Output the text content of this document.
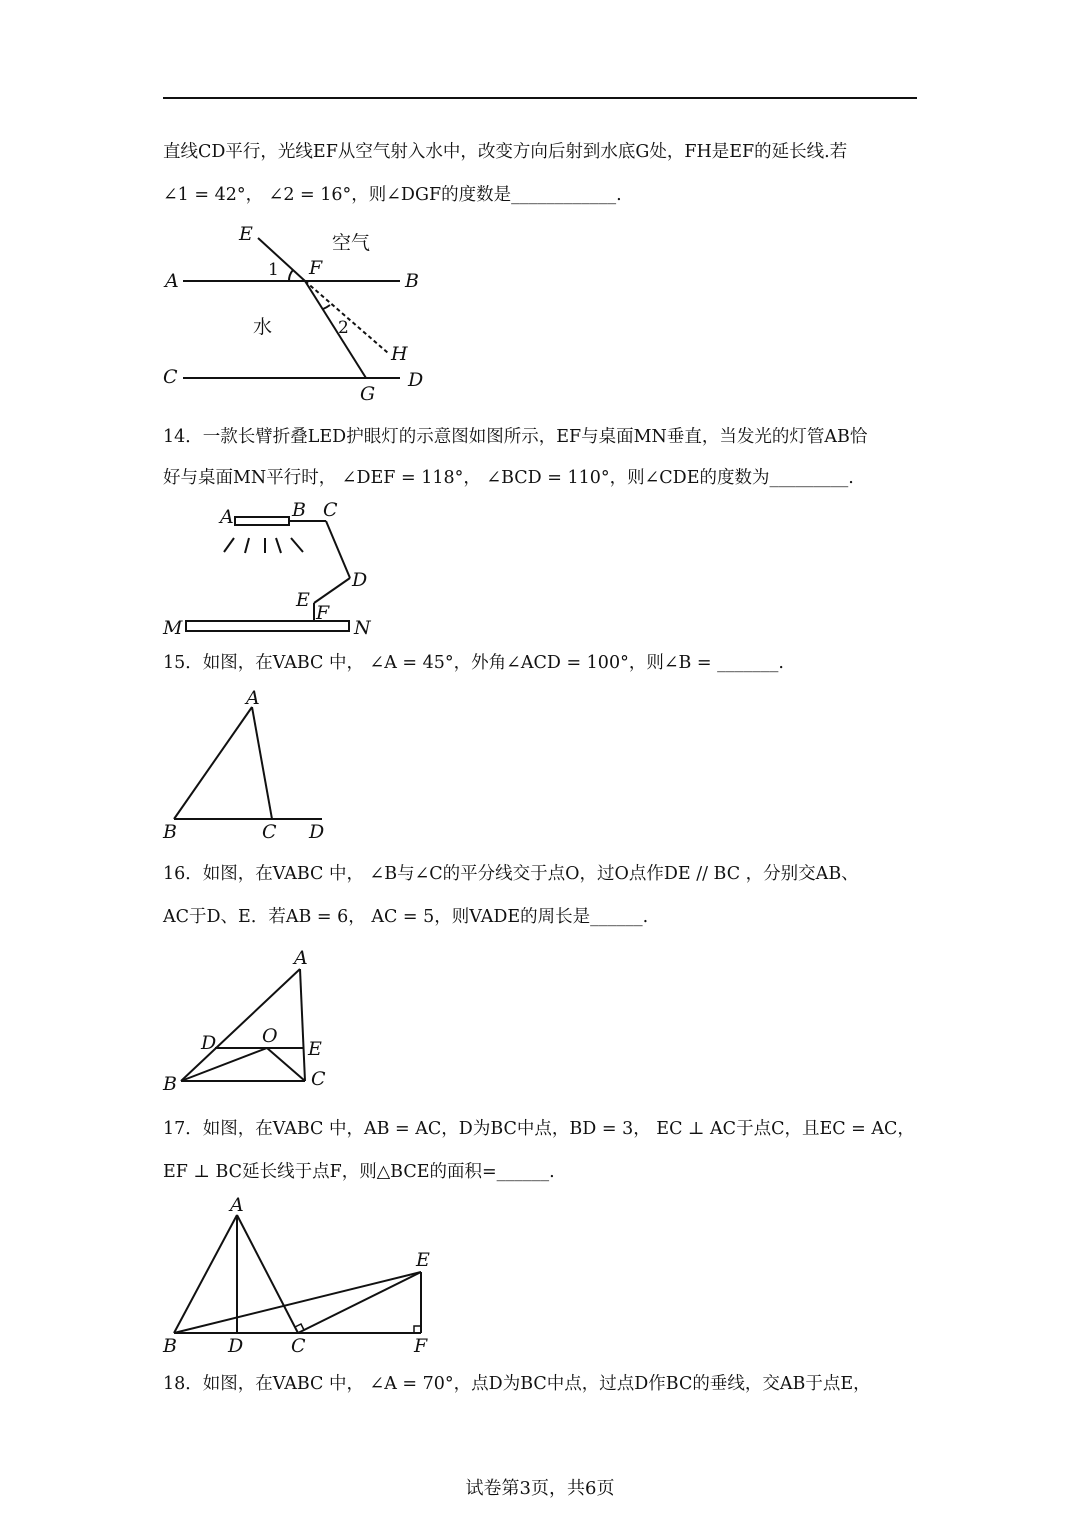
直线CD平行，光线EF从空气射入水中，改变方向后射到水底G处，FH是EF的延长线.若
∠1 = 42°， ∠2 = 16°，则∠DGF的度数是____________.
14．一款长臂折叠LED护眼灯的示意图如图所示，EF与桌面MN垂直，当发光的灯管AB恰
好与桌面MN平行时， ∠DEF = 118°， ∠BCD = 110°，则∠CDE的度数为_________.
15．如图，在VABC 中， ∠A = 45°，外角∠ACD = 100°，则∠B = _______.
16．如图，在VABC 中， ∠B与∠C的平分线交于点O，过O点作DE // BC ，分别交AB、
AC于D、E．若AB = 6， AC = 5，则VADE的周长是______.
17．如图，在VABC 中，AB = AC，D为BC中点，BD = 3， EC ⊥ AC于点C，且EC = AC，
EF ⊥ BC延长线于点F，则△BCE的面积=______.
18．如图，在VABC 中， ∠A = 70°，点D为BC中点，过点D作BC的垂线，交AB于点E，
试卷第3页，共6页
E
A	1 F
B
2
H
C
G
D
空气
水
A	B C
D
E
F
M	N
A
B	C D
A
D O
E
B	C
A
E
B	D	C	F
